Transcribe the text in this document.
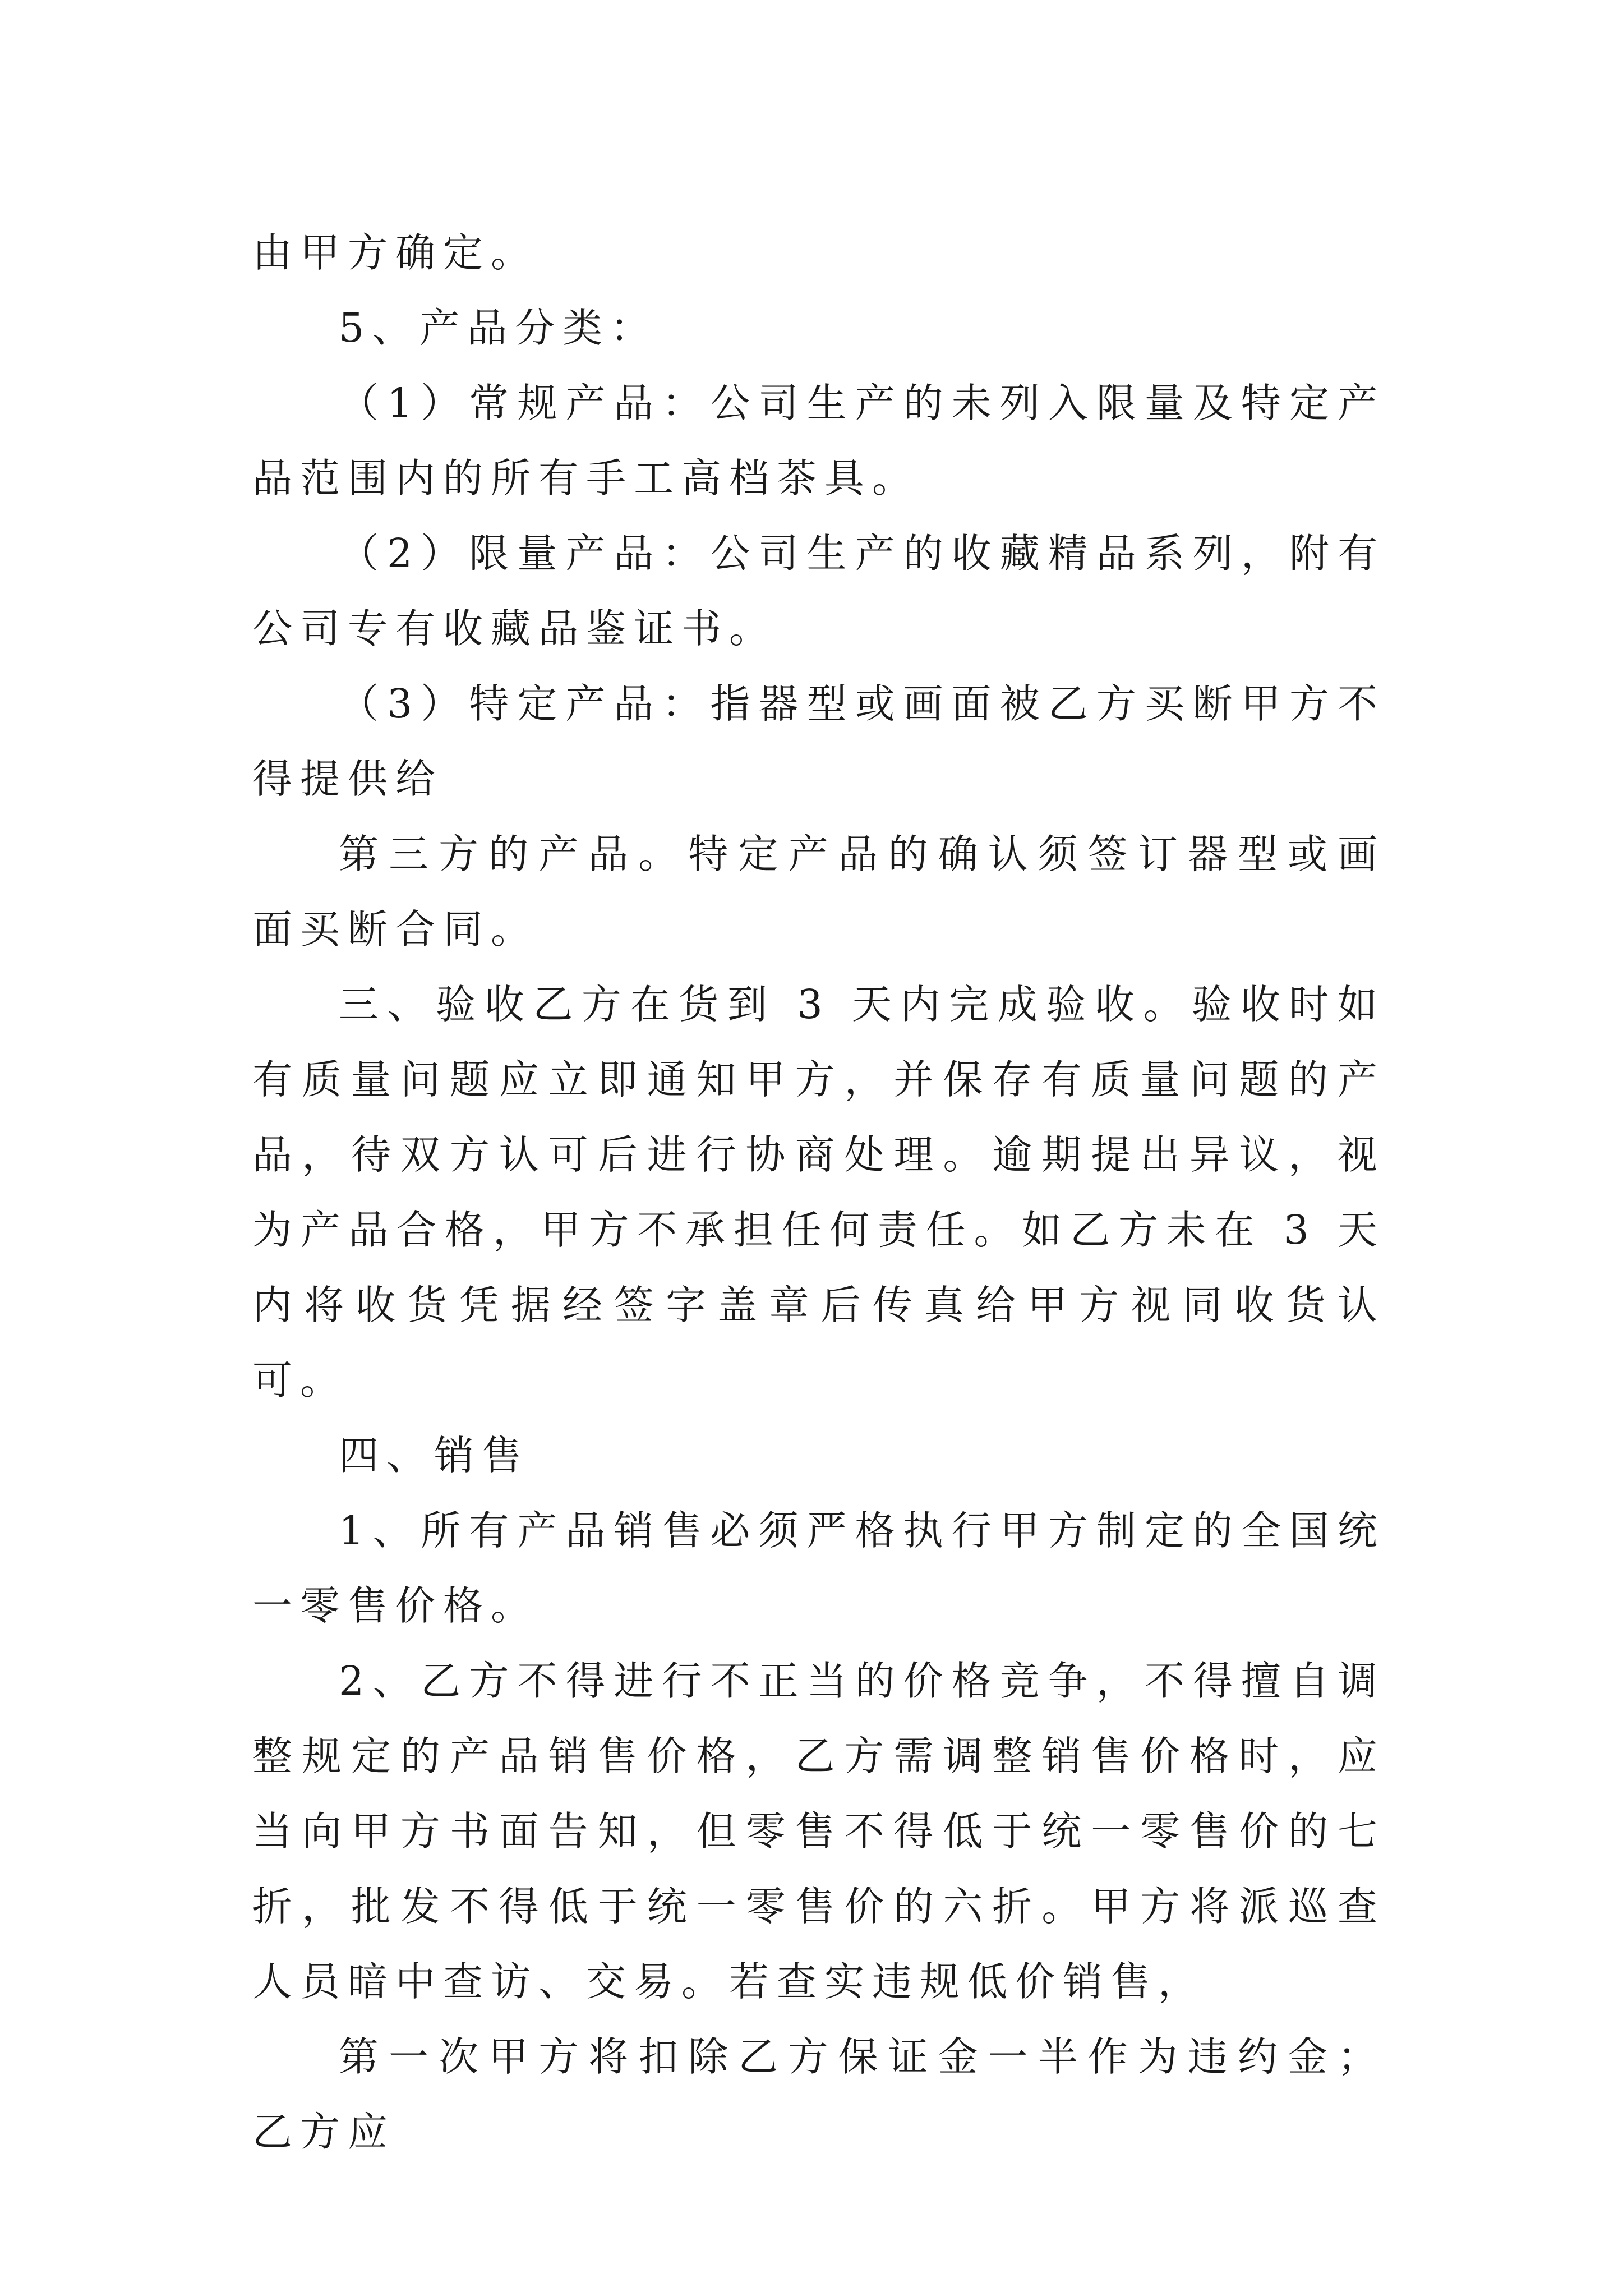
由甲方确定。

5、产品分类：

（1）常规产品：公司生产的未列入限量及特定产品范围内的所有手工高档茶具。

（2）限量产品：公司生产的收藏精品系列，附有公司专有收藏品鉴证书。

（3）特定产品：指器型或画面被乙方买断甲方不得提供给

第三方的产品。特定产品的确认须签订器型或画面买断合同。

三、验收乙方在货到 3 天内完成验收。验收时如有质量问题应立即通知甲方，并保存有质量问题的产品，待双方认可后进行协商处理。逾期提出异议，视为产品合格，甲方不承担任何责任。如乙方未在 3 天内将收货凭据经签字盖章后传真给甲方视同收货认可。

四、销售

1、所有产品销售必须严格执行甲方制定的全国统一零售价格。

2、乙方不得进行不正当的价格竞争，不得擅自调整规定的产品销售价格，乙方需调整销售价格时，应当向甲方书面告知，但零售不得低于统一零售价的七折，批发不得低于统一零售价的六折。甲方将派巡查人员暗中查访、交易。若查实违规低价销售，

第一次甲方将扣除乙方保证金一半作为违约金；乙方应
